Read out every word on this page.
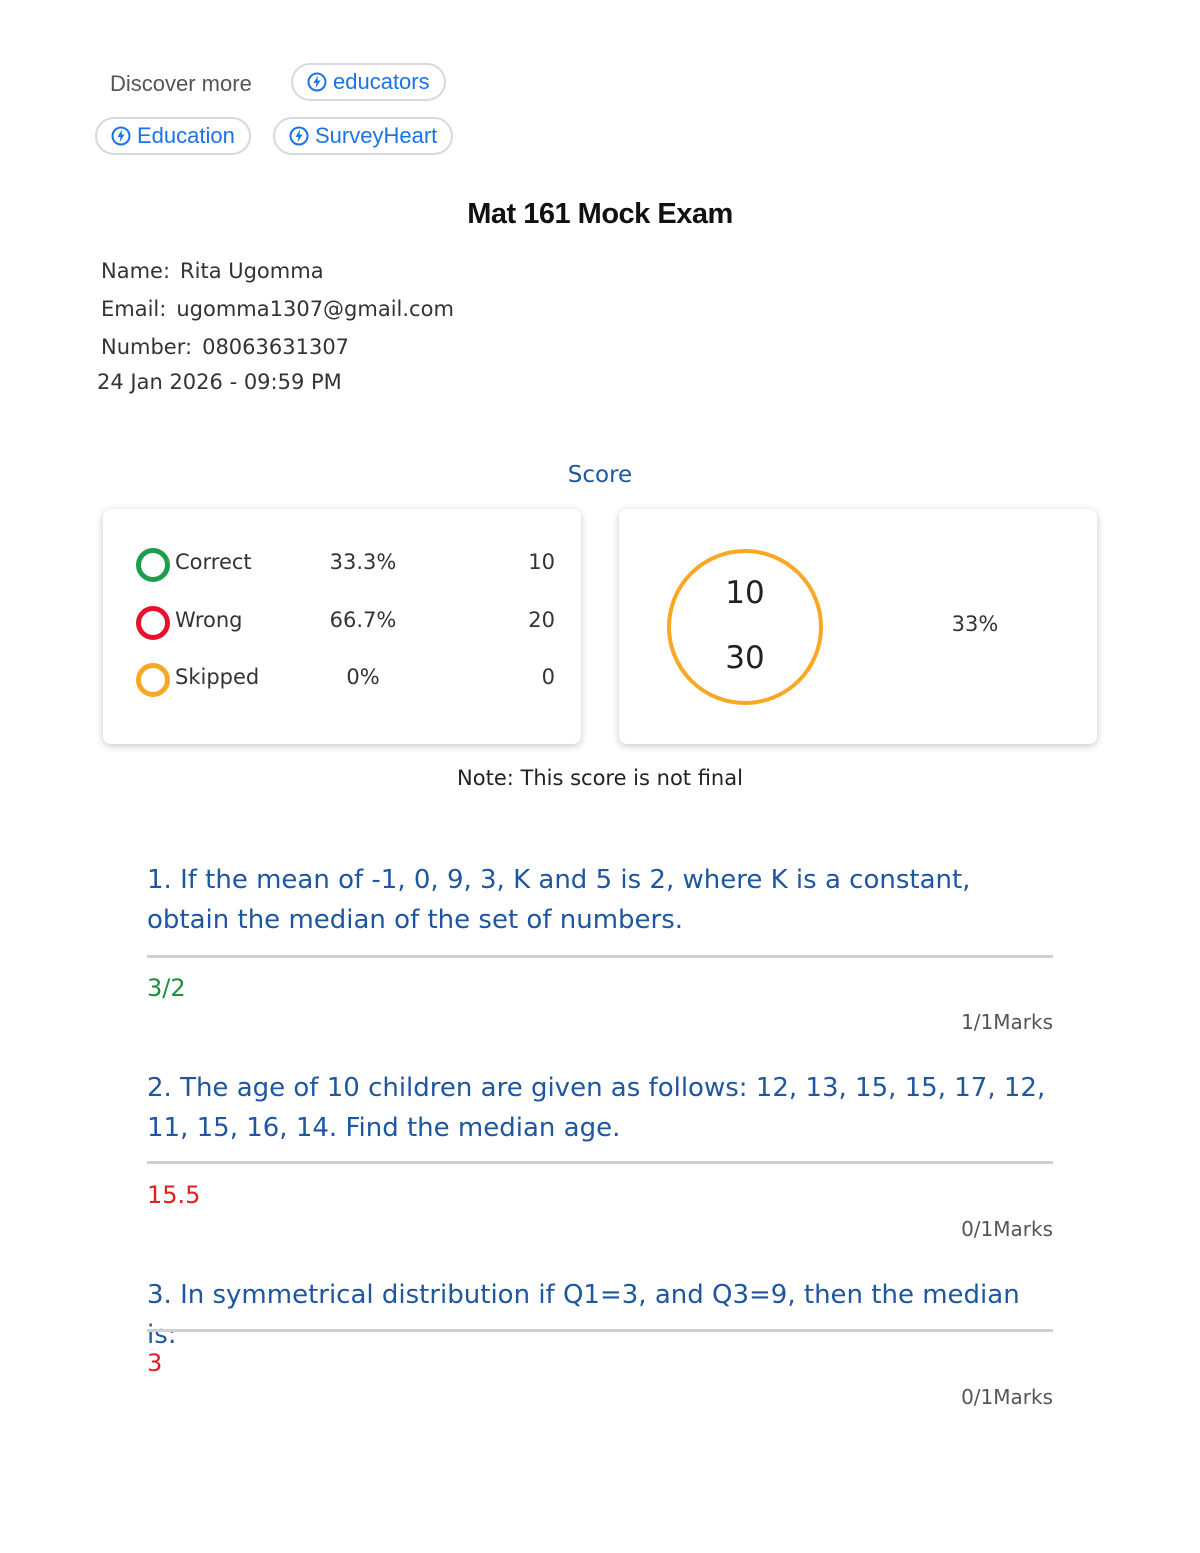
Discover more	educators
Education	SurveyHeart
Mat 161 Mock Exam
Name: Rita Ugomma
Email: ugomma1307@gmail.com
Number: 08063631307
24 Jan 2026 - 09:59 PM
Score
Correct	33.3%	10
Wrong	66.7%	20
Skipped	0%	0
10
30
33%
Note: This score is not final
1. If the mean of -1, 0, 9, 3, K and 5 is 2, where K is a constant, obtain the median of the set of numbers.
3/2
1/1Marks
2. The age of 10 children are given as follows: 12, 13, 15, 15, 17, 12, 11, 15, 16, 14. Find the median age.
15.5
0/1Marks
3. In symmetrical distribution if Q1=3, and Q3=9, then the median is:
3
0/1Marks
